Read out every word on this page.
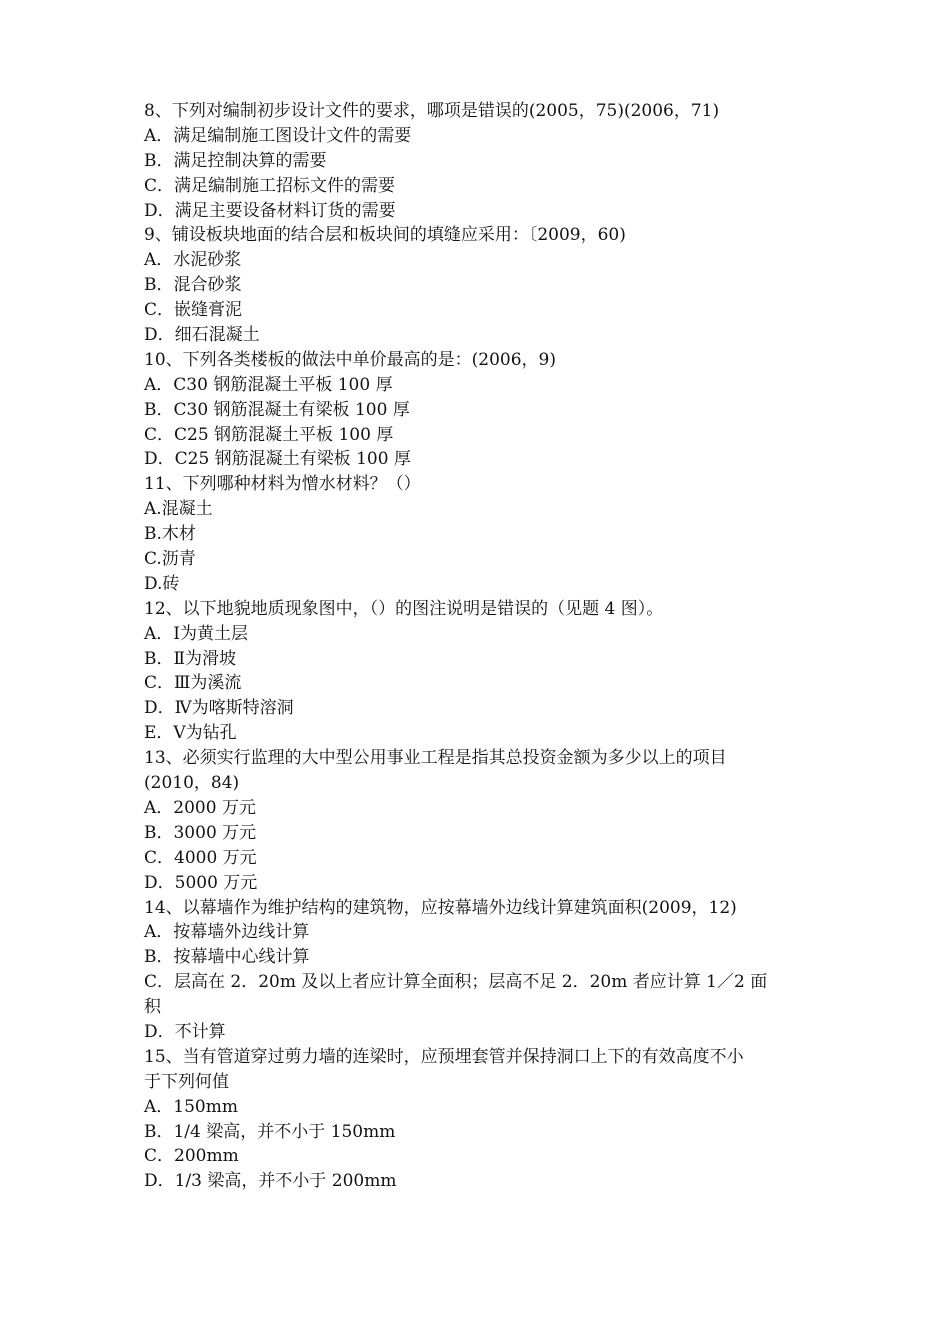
8、下列对编制初步设计文件的要求，哪项是错误的(2005，75)(2006，71)
A．满足编制施工图设计文件的需要
B．满足控制决算的需要
C．满足编制施工招标文件的需要
D．满足主要设备材料订货的需要
9、铺设板块地面的结合层和板块间的填缝应采用：〔2009，60)
A．水泥砂浆
B．混合砂浆
C．嵌缝膏泥
D．细石混凝土
10、下列各类楼板的做法中单价最高的是：(2006，9)
A．C30 钢筋混凝土平板 100 厚
B．C30 钢筋混凝土有梁板 100 厚
C．C25 钢筋混凝土平板 100 厚
D．C25 钢筋混凝土有梁板 100 厚
11、下列哪种材料为憎水材料？（）
A.混凝土
B.木材
C.沥青
D.砖
12、以下地貌地质现象图中，（）的图注说明是错误的（见题 4 图）。
A．Ⅰ为黄土层
B．Ⅱ为滑坡
C．Ⅲ为溪流
D．Ⅳ为喀斯特溶洞
E．Ⅴ为钻孔
13、必须实行监理的大中型公用事业工程是指其总投资金额为多少以上的项目
(2010，84)
A．2000 万元
B．3000 万元
C．4000 万元
D．5000 万元
14、以幕墙作为维护结构的建筑物，应按幕墙外边线计算建筑面积(2009，12)
A．按幕墙外边线计算
B．按幕墙中心线计算
C．层高在 2．20m 及以上者应计算全面积；层高不足 2．20m 者应计算 1／2 面
积
D．不计算
15、当有管道穿过剪力墙的连梁时，应预埋套管并保持洞口上下的有效高度不小
于下列何值
A．150mm
B．1/4 梁高，并不小于 150mm
C．200mm
D．1/3 梁高，并不小于 200mm
